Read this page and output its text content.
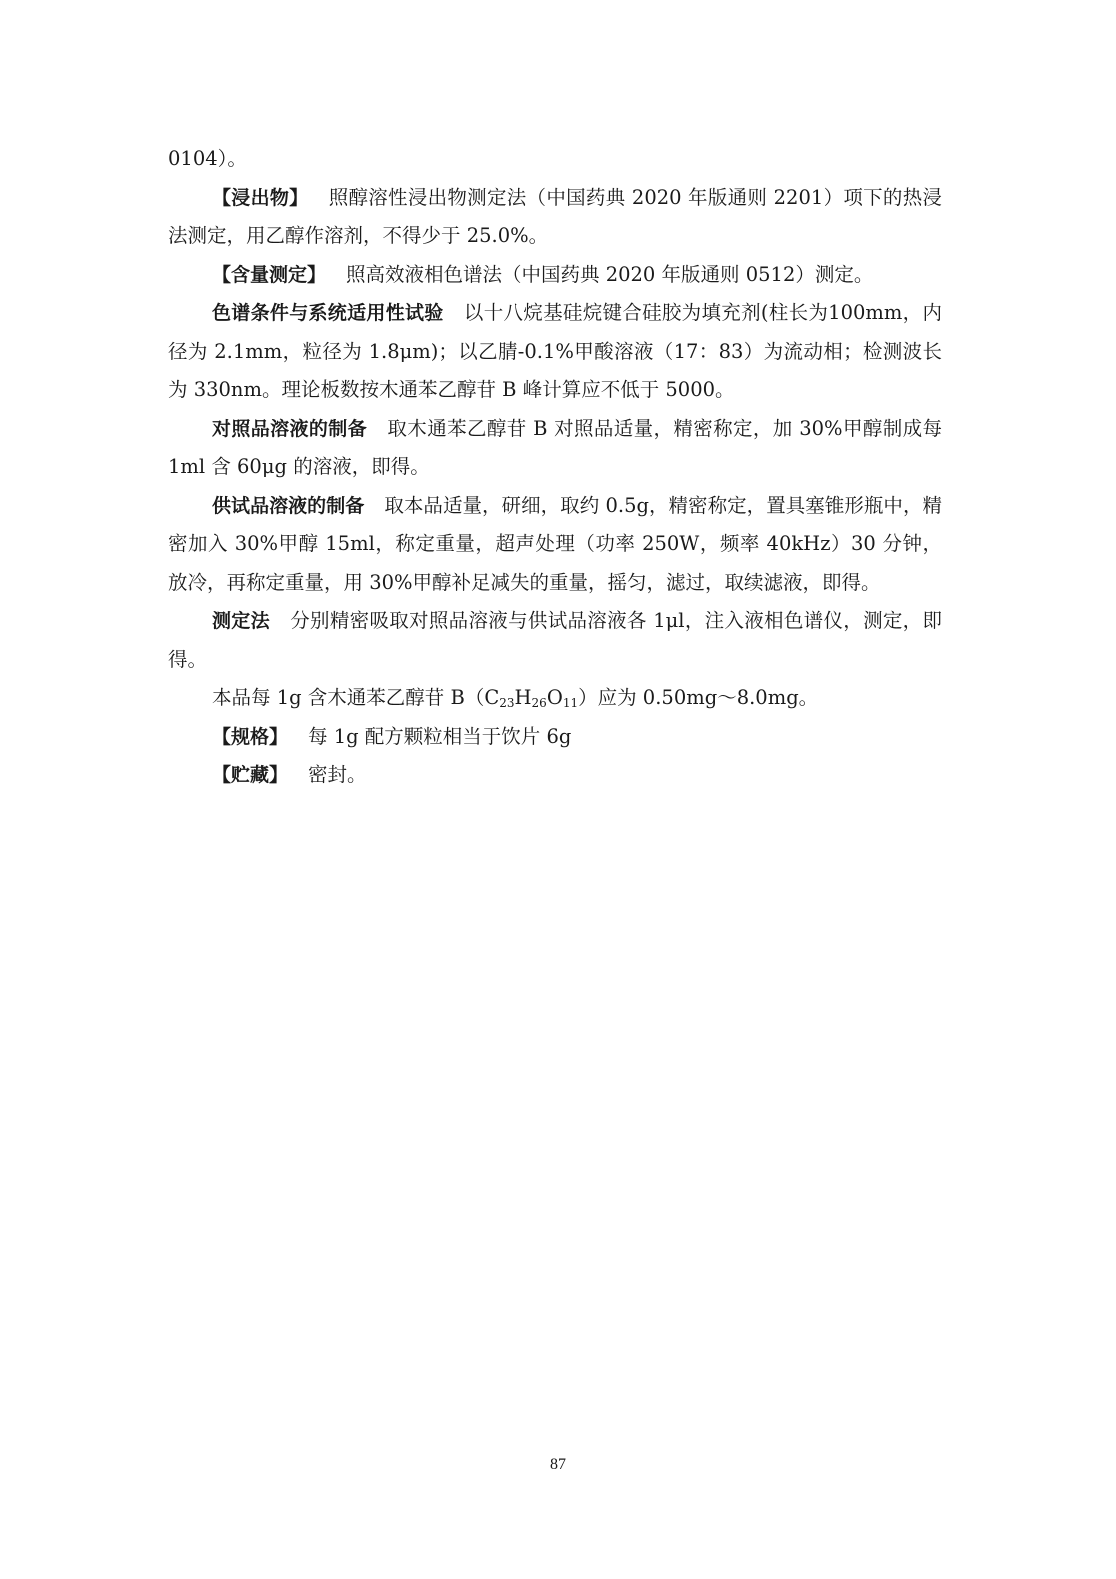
0104）。

【浸出物】 照醇溶性浸出物测定法（中国药典 2020 年版通则 2201）项下的热浸法测定，用乙醇作溶剂，不得少于 25.0%。

【含量测定】 照高效液相色谱法（中国药典 2020 年版通则 0512）测定。

色谱条件与系统适用性试验 以十八烷基硅烷键合硅胶为填充剂(柱长为100mm，内径为 2.1mm，粒径为 1.8μm)；以乙腈-0.1%甲酸溶液（17：83）为流动相；检测波长为 330nm。理论板数按木通苯乙醇苷 B 峰计算应不低于 5000。

对照品溶液的制备 取木通苯乙醇苷 B 对照品适量，精密称定，加 30%甲醇制成每 1ml 含 60μg 的溶液，即得。

供试品溶液的制备 取本品适量，研细，取约 0.5g，精密称定，置具塞锥形瓶中，精密加入 30%甲醇 15ml，称定重量，超声处理（功率 250W，频率 40kHz）30 分钟，放冷，再称定重量，用 30%甲醇补足减失的重量，摇匀，滤过，取续滤液，即得。

测定法 分别精密吸取对照品溶液与供试品溶液各 1μl，注入液相色谱仪，测定，即得。

本品每 1g 含木通苯乙醇苷 $B(C_{23}H_{26}O_{11})$应为 0.50mg～8.0mg。

【规格】 每 1g 配方颗粒相当于饮片 6g

【贮藏】 密封。

87
